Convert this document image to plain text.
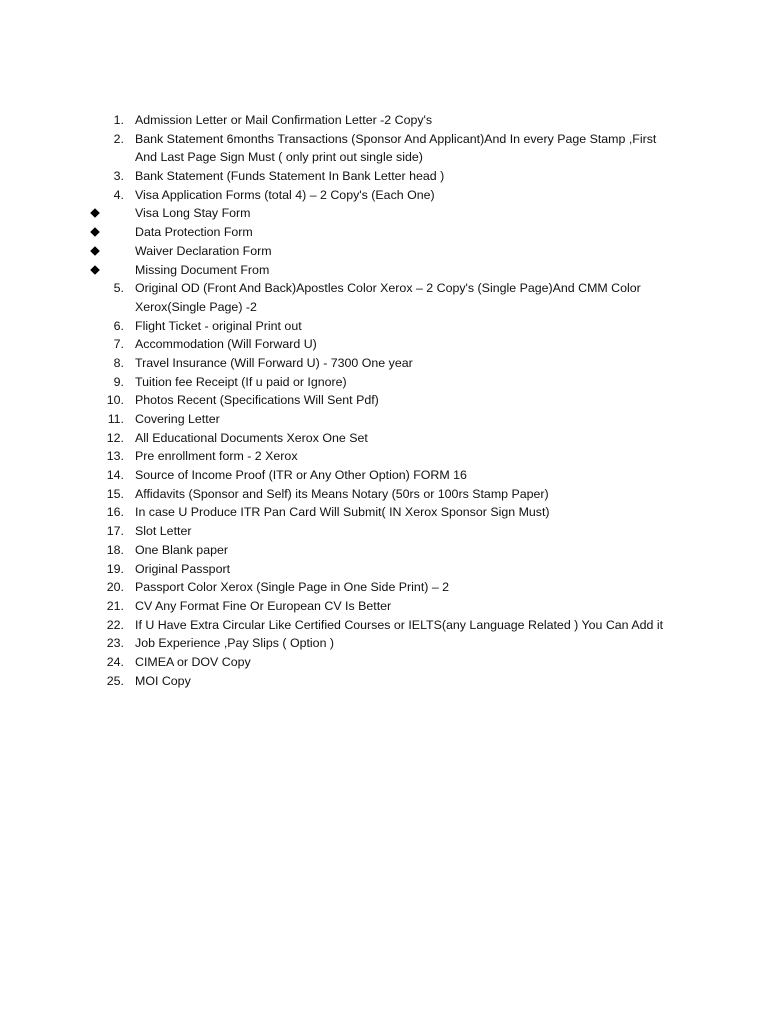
1. Admission Letter or Mail Confirmation Letter -2 Copy's
2. Bank Statement 6months Transactions (Sponsor And Applicant)And In every Page Stamp ,First
And Last Page Sign Must ( only print out single side)
3. Bank Statement (Funds Statement In Bank Letter head )
4. Visa Application Forms (total 4) – 2 Copy's (Each One)
Visa Long Stay Form
Data Protection Form
Waiver Declaration Form
Missing Document From
5. Original OD (Front And Back)Apostles Color Xerox – 2 Copy's (Single Page)And CMM Color
Xerox(Single Page) -2
6. Flight Ticket - original Print out
7. Accommodation (Will Forward U)
8. Travel Insurance (Will Forward U) - 7300 One year
9. Tuition fee Receipt (If u paid or Ignore)
10. Photos Recent (Specifications Will Sent Pdf)
11. Covering Letter
12. All Educational Documents Xerox One Set
13. Pre enrollment form - 2 Xerox
14. Source of Income Proof (ITR or Any Other Option) FORM 16
15. Affidavits (Sponsor and Self) its Means Notary (50rs or 100rs Stamp Paper)
16. In case U Produce ITR Pan Card Will Submit( IN Xerox Sponsor Sign Must)
17. Slot Letter
18. One Blank paper
19. Original Passport
20. Passport Color Xerox (Single Page in One Side Print) – 2
21. CV Any Format Fine Or European CV Is Better
22. If U Have Extra Circular Like Certified Courses or IELTS(any Language Related ) You Can Add it
23. Job Experience ,Pay Slips ( Option )
24. CIMEA or DOV Copy
25. MOI Copy
